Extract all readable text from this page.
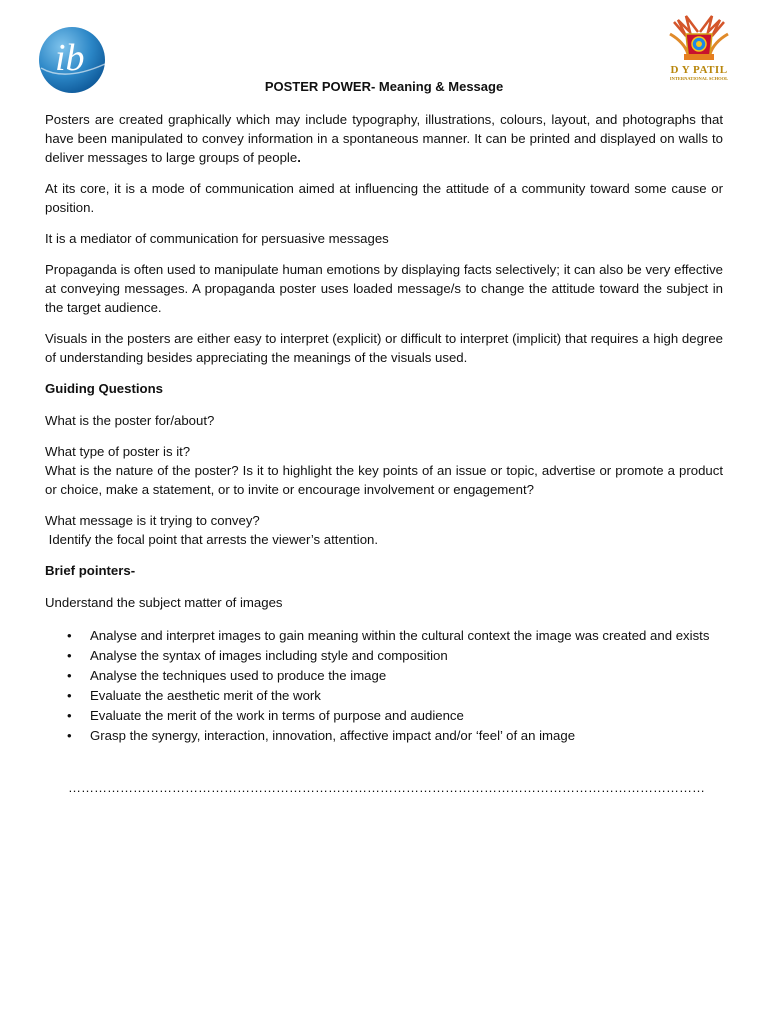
ib	D Y PATIL
INTERNATIONAL SCHOOL
POSTER POWER- Meaning & Message

Posters are created graphically which may include typography, illustrations, colours, layout, and photographs that have been manipulated to convey information in a spontaneous manner. It can be printed and displayed on walls to deliver messages to large groups of people.

At its core, it is a mode of communication aimed at influencing the attitude of a community toward some cause or position.

It is a mediator of communication for persuasive messages

Propaganda is often used to manipulate human emotions by displaying facts selectively; it can also be very effective at conveying messages. A propaganda poster uses loaded message/s to change the attitude toward the subject in the target audience.

Visuals in the posters are either easy to interpret (explicit) or difficult to interpret (implicit) that requires a high degree of understanding besides appreciating the meanings of the visuals used.

Guiding Questions

What is the poster for/about?

What type of poster is it?

What is the nature of the poster? Is it to highlight the key points of an issue or topic, advertise or promote a product or choice, make a statement, or to invite or encourage involvement or engagement?

What message is it trying to convey?

Identify the focal point that arrests the viewer’s attention.

Brief pointers-

Understand the subject matter of images

• Analyse and interpret images to gain meaning within the cultural context the image was created and exists
• Analyse the syntax of images including style and composition
• Analyse the techniques used to produce the image
• Evaluate the aesthetic merit of the work
• Evaluate the merit of the work in terms of purpose and audience
• Grasp the synergy, interaction, innovation, affective impact and/or ‘feel’ of an image
…………………………………………………………………………………………………………………………………
